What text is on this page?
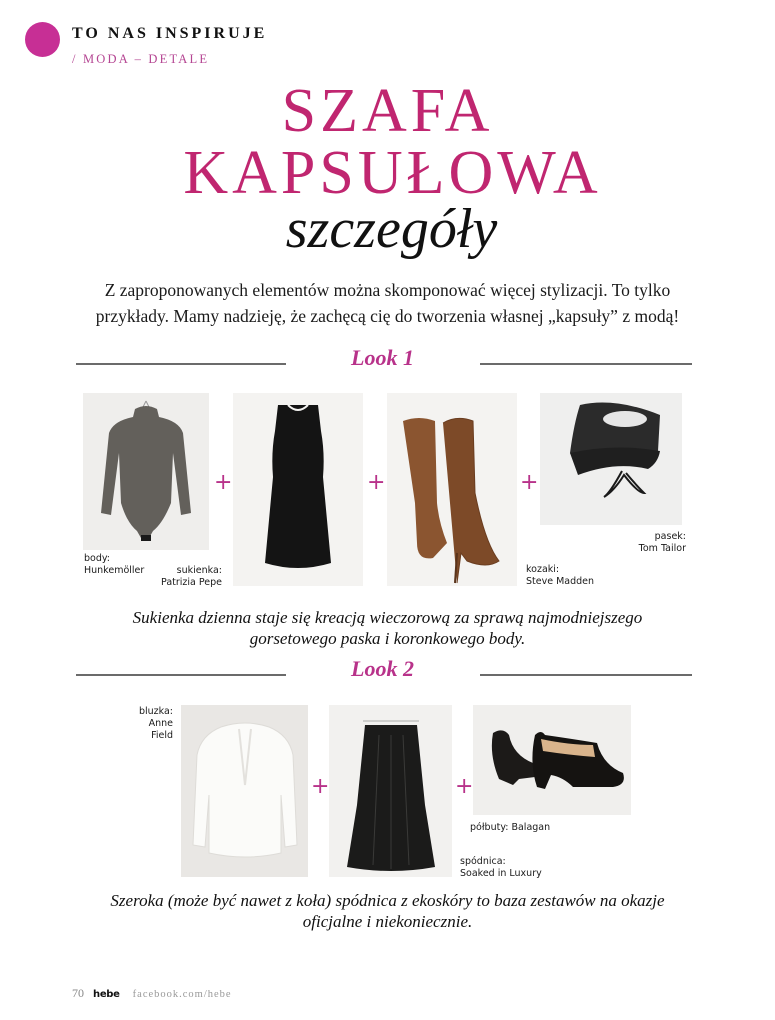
TO NAS INSPIRUJE
/ MODA – DETALE
SZAFA
KAPSUŁOWA
szczegóły
Z zaproponowanych elementów można skomponować więcej stylizacji. To tylko
przykłady. Mamy nadzieję, że zachęcą cię do tworzenia własnej „kapsuły” z modą!
Look 1
+	+	+
body:
Hunkemöller	sukienka:
Patrizia Pepe
kozaki:
Steve Madden
pasek:
Tom Tailor
Sukienka dzienna staje się kreacją wieczorową za sprawą najmodniejszego
gorsetowego paska i koronkowego body.
Look 2
bluzka:
Anne
Field
+	+
półbuty: Balagan
spódnica:
Soaked in Luxury
Szeroka (może być nawet z koła) spódnica z ekoskóry to baza zestawów na okazje
oficjalne i niekoniecznie.
70 hebe facebook.com/hebe
